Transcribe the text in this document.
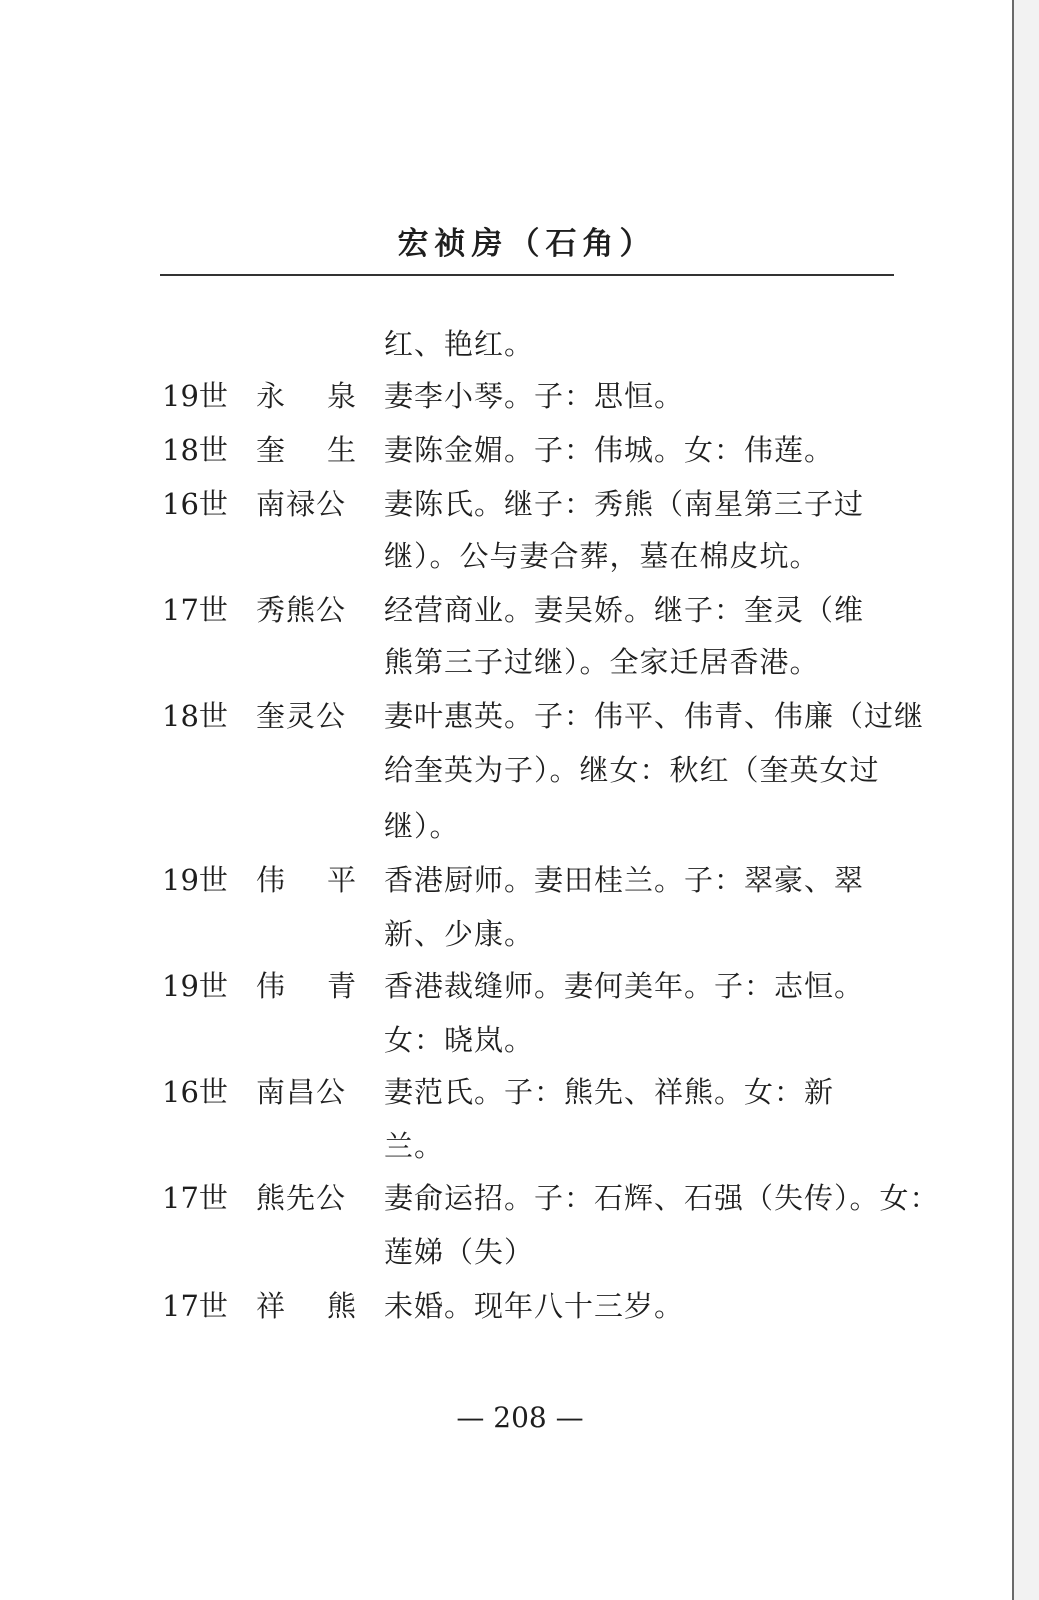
宏祯房（石角）
红、艳红。
19世 永 泉 妻李小琴。子：思恒。
18世 奎 生 妻陈金媚。子：伟城。女：伟莲。
16世 南禄公	妻陈氏。继子：秀熊（南星第三子过
继）。公与妻合葬，墓在棉皮坑。
17世 秀熊公	经营商业。妻吴娇。继子：奎灵（维
熊第三子过继）。全家迁居香港。
18世 奎灵公	妻叶惠英。子：伟平、伟青、伟廉（过继
给奎英为子）。继女：秋红（奎英女过
继）。
19世 伟 平 香港厨师。妻田桂兰。子：翠豪、翠
新、少康。
19世 伟 青 香港裁缝师。妻何美年。子：志恒。
女：晓岚。
16世 南昌公	妻范氏。子：熊先、祥熊。女：新
兰。
17世 熊先公	妻俞运招。子：石辉、石强（失传）。女：
莲娣（失）
17世 祥 熊 未婚。现年八十三岁。
— 208 —
